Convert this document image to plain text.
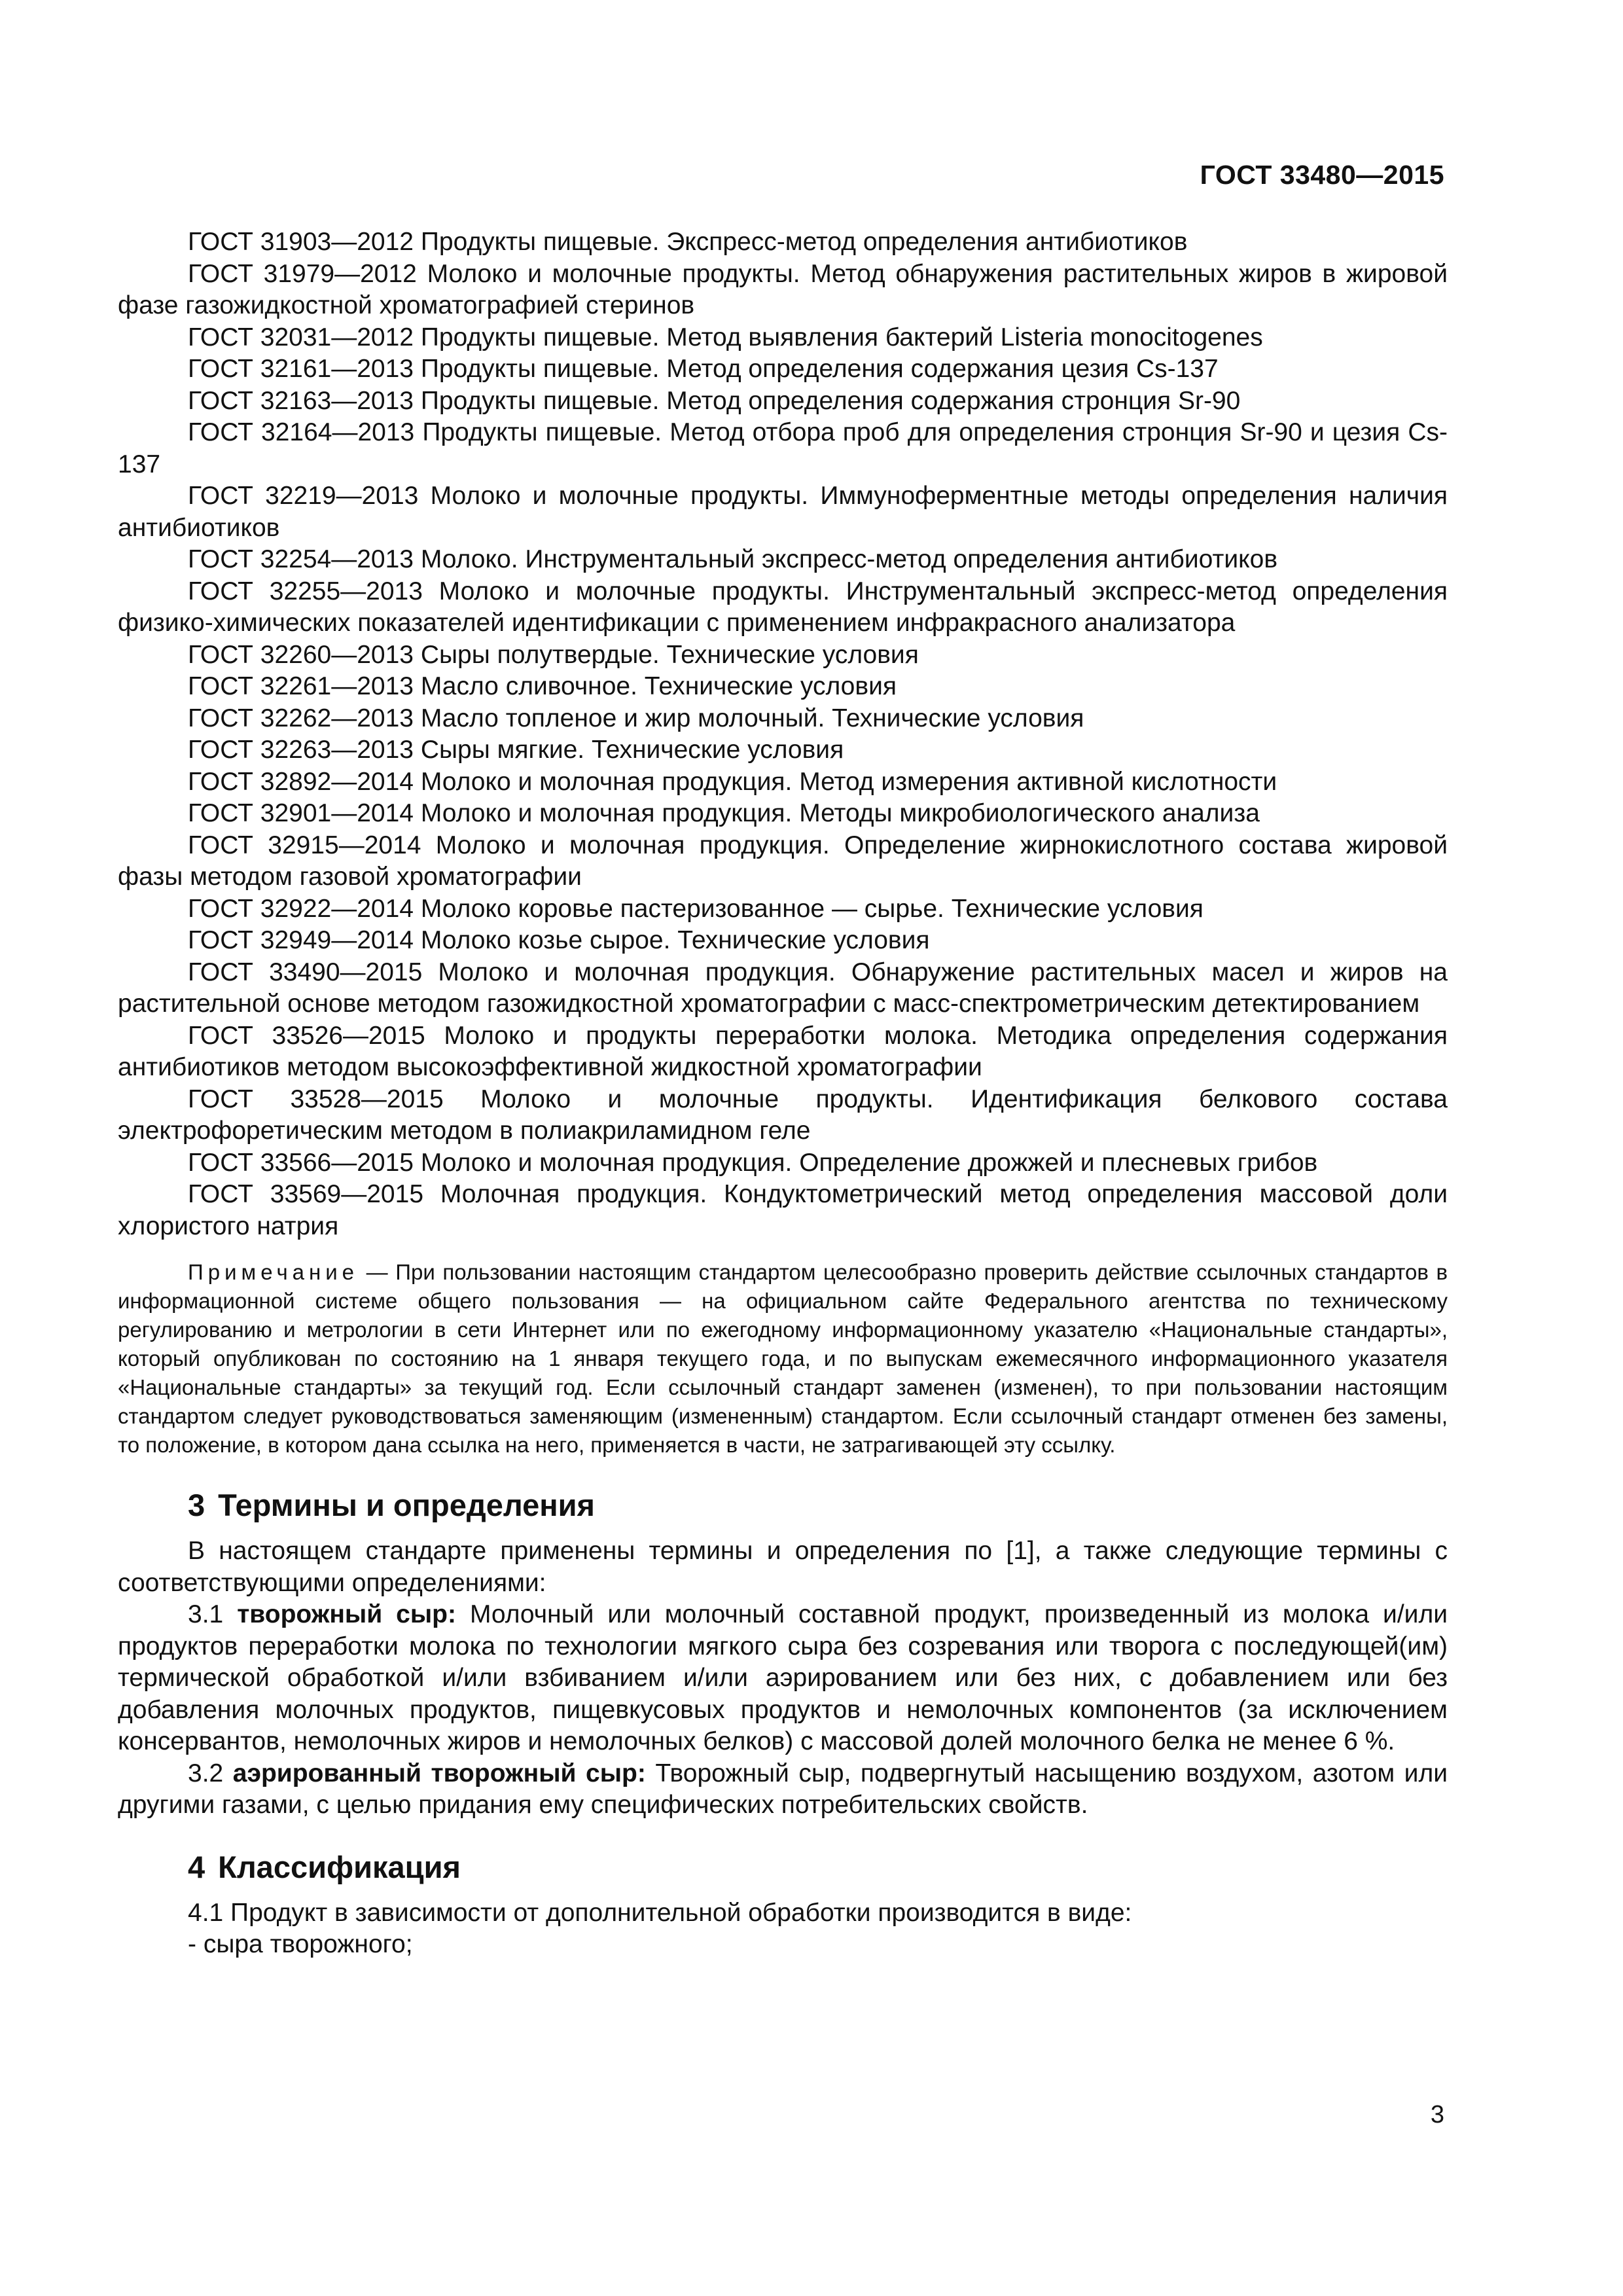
ГОСТ 33480—2015
ГОСТ 31903—2012 Продукты пищевые. Экспресс-метод определения антибиотиков
ГОСТ 31979—2012 Молоко и молочные продукты. Метод обнаружения растительных жиров в жировой фазе газожидкостной хроматографией стеринов
ГОСТ 32031—2012 Продукты пищевые. Метод выявления бактерий Listeria monocitogenes
ГОСТ 32161—2013 Продукты пищевые. Метод определения содержания цезия Cs-137
ГОСТ 32163—2013 Продукты пищевые. Метод определения содержания стронция Sr-90
ГОСТ 32164—2013 Продукты пищевые. Метод отбора проб для определения стронция Sr-90 и цезия Cs-137
ГОСТ 32219—2013 Молоко и молочные продукты. Иммуноферментные методы определения наличия антибиотиков
ГОСТ 32254—2013 Молоко. Инструментальный экспресс-метод определения антибиотиков
ГОСТ 32255—2013 Молоко и молочные продукты. Инструментальный экспресс-метод определения физико-химических показателей идентификации с применением инфракрасного анализатора
ГОСТ 32260—2013 Сыры полутвердые. Технические условия
ГОСТ 32261—2013 Масло сливочное. Технические условия
ГОСТ 32262—2013 Масло топленое и жир молочный. Технические условия
ГОСТ 32263—2013 Сыры мягкие. Технические условия
ГОСТ 32892—2014 Молоко и молочная продукция. Метод измерения активной кислотности
ГОСТ 32901—2014 Молоко и молочная продукция. Методы микробиологического анализа
ГОСТ 32915—2014 Молоко и молочная продукция. Определение жирнокислотного состава жировой фазы методом газовой хроматографии
ГОСТ 32922—2014 Молоко коровье пастеризованное — сырье. Технические условия
ГОСТ 32949—2014 Молоко козье сырое. Технические условия
ГОСТ 33490—2015 Молоко и молочная продукция. Обнаружение растительных масел и жиров на растительной основе методом газожидкостной хроматографии с масс-спектрометрическим детектированием
ГОСТ 33526—2015 Молоко и продукты переработки молока. Методика определения содержания антибиотиков методом высокоэффективной жидкостной хроматографии
ГОСТ 33528—2015 Молоко и молочные продукты. Идентификация белкового состава электрофоретическим методом в полиакриламидном геле
ГОСТ 33566—2015 Молоко и молочная продукция. Определение дрожжей и плесневых грибов
ГОСТ 33569—2015 Молочная продукция. Кондуктометрический метод определения массовой доли хлористого натрия
Примечание — При пользовании настоящим стандартом целесообразно проверить действие ссылочных стандартов в информационной системе общего пользования — на официальном сайте Федерального агентства по техническому регулированию и метрологии в сети Интернет или по ежегодному информационному указателю «Национальные стандарты», который опубликован по состоянию на 1 января текущего года, и по выпускам ежемесячного информационного указателя «Национальные стандарты» за текущий год. Если ссылочный стандарт заменен (изменен), то при пользовании настоящим стандартом следует руководствоваться заменяющим (измененным) стандартом. Если ссылочный стандарт отменен без замены, то положение, в котором дана ссылка на него, применяется в части, не затрагивающей эту ссылку.
3 Термины и определения
В настоящем стандарте применены термины и определения по [1], а также следующие термины с соответствующими определениями:
3.1 творожный сыр: Молочный или молочный составной продукт, произведенный из молока и/или продуктов переработки молока по технологии мягкого сыра без созревания или творога с последующей(им) термической обработкой и/или взбиванием и/или аэрированием или без них, с добавлением или без добавления молочных продуктов, пищевкусовых продуктов и немолочных компонентов (за исключением консервантов, немолочных жиров и немолочных белков) с массовой долей молочного белка не менее 6 %.
3.2 аэрированный творожный сыр: Творожный сыр, подвергнутый насыщению воздухом, азотом или другими газами, с целью придания ему специфических потребительских свойств.
4 Классификация
4.1 Продукт в зависимости от дополнительной обработки производится в виде:
- сыра творожного;
3
